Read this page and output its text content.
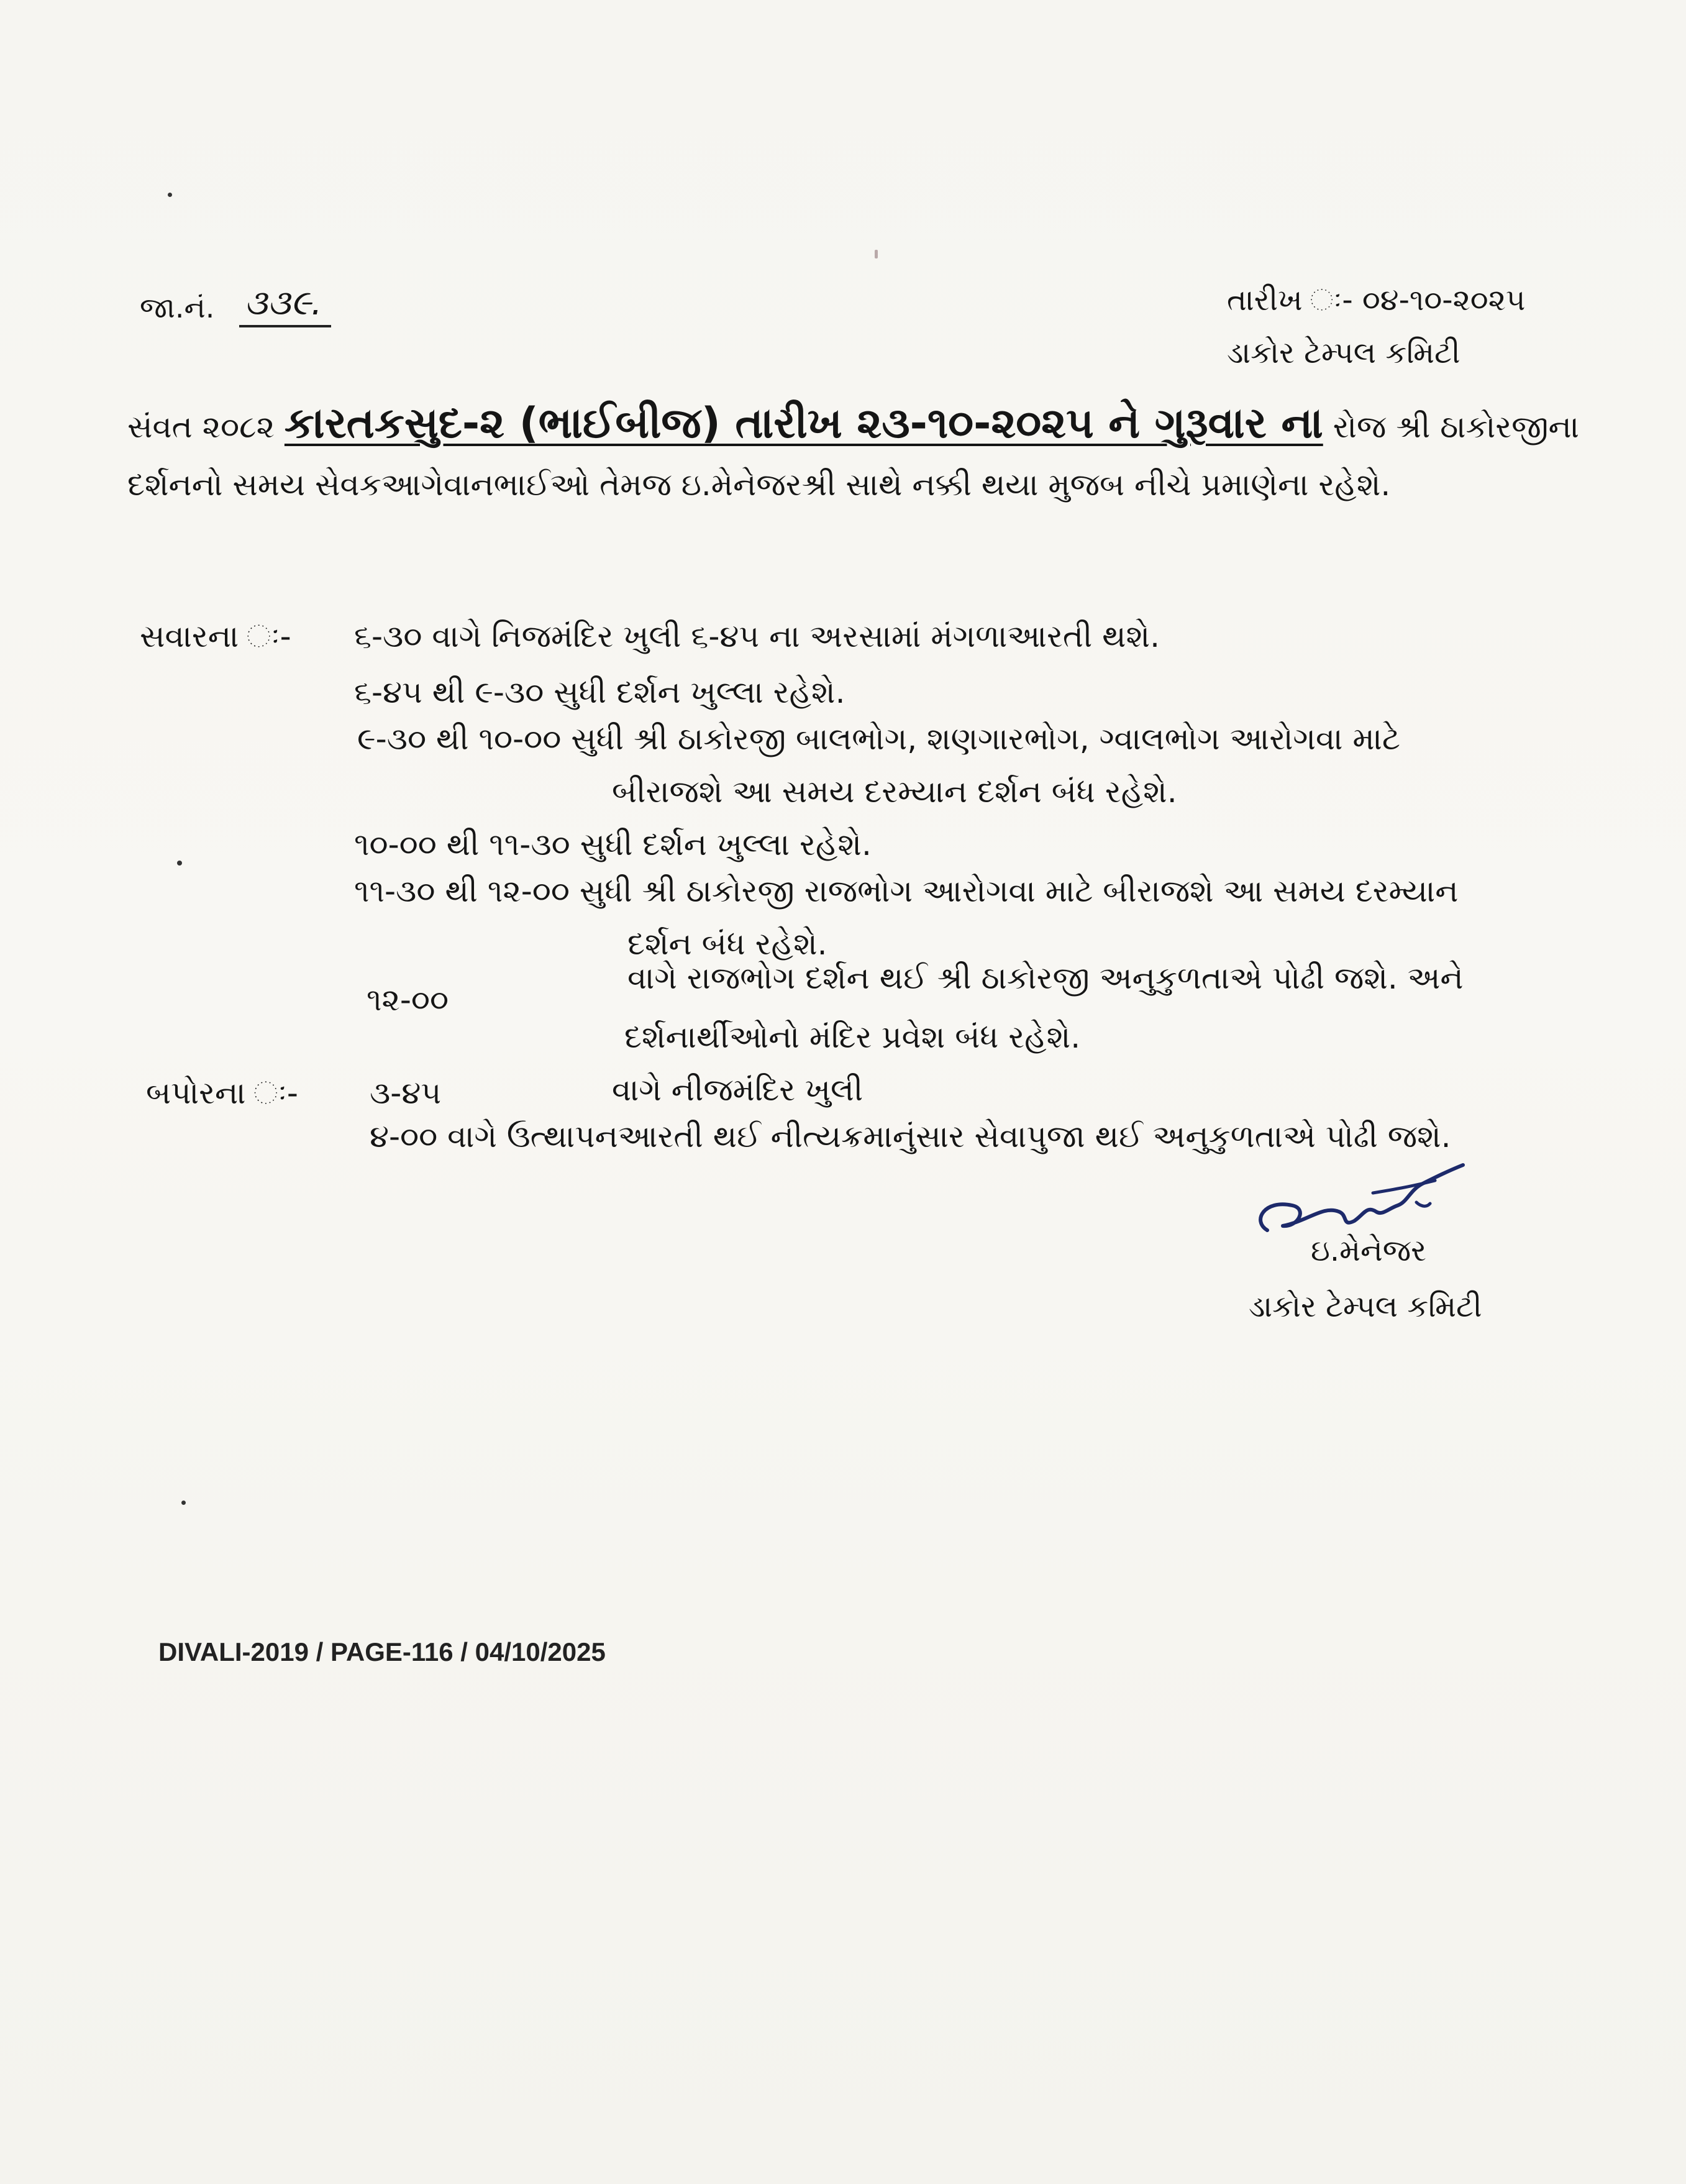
જા.નં. ૩૩૯.	તારીખ ઃ- ૦૪-૧૦-૨૦૨૫
ડાકોર ટેમ્પલ કમિટી
સંવત ૨૦૮૨ કારતકસુદ-૨ (ભાઈબીજ) તારીખ ૨૩-૧૦-૨૦૨૫ ને ગુરૂવાર ના રોજ શ્રી ઠાકોરજીના દર્શનનો સમય સેવકઆગેવાનભાઈઓ તેમજ ઇ.મેનેજરશ્રી સાથે નક્કી થયા મુજબ નીચે પ્રમાણેના રહેશે.
સવારના ઃ- ૬-૩૦ વાગે નિજમંદિર ખુલી ૬-૪૫ ના અરસામાં મંગળાઆરતી થશે.
૬-૪૫ થી ૯-૩૦ સુધી દર્શન ખુલ્લા રહેશે.
૯-૩૦ થી ૧૦-૦૦ સુધી શ્રી ઠાકોરજી બાલભોગ, શણગારભોગ, ગ્વાલભોગ આરોગવા માટે
બીરાજશે આ સમય દરમ્યાન દર્શન બંધ રહેશે.
૧૦-૦૦ થી ૧૧-૩૦ સુધી દર્શન ખુલ્લા રહેશે.
૧૧-૩૦ થી ૧૨-૦૦ સુધી શ્રી ઠાકોરજી રાજભોગ આરોગવા માટે બીરાજશે આ સમય દરમ્યાન
દર્શન બંધ રહેશે.
૧૨-૦૦
વાગે રાજભોગ દર્શન થઈ શ્રી ઠાકોરજી અનુકુળતાએ પોઢી જશે. અને
દર્શનાર્થીઓનો મંદિર પ્રવેશ બંધ રહેશે.
બપોરના ઃ- ૩-૪૫	વાગે નીજમંદિર ખુલી
૪-૦૦ વાગે ઉત્થાપનઆરતી થઈ નીત્યક્રમાનુંસાર સેવાપુજા થઈ અનુકુળતાએ પોઢી જશે.
ઇ.મેનેજર
ડાકોર ટેમ્પલ કમિટી
DIVALI-2019 / PAGE-116 / 04/10/2025
